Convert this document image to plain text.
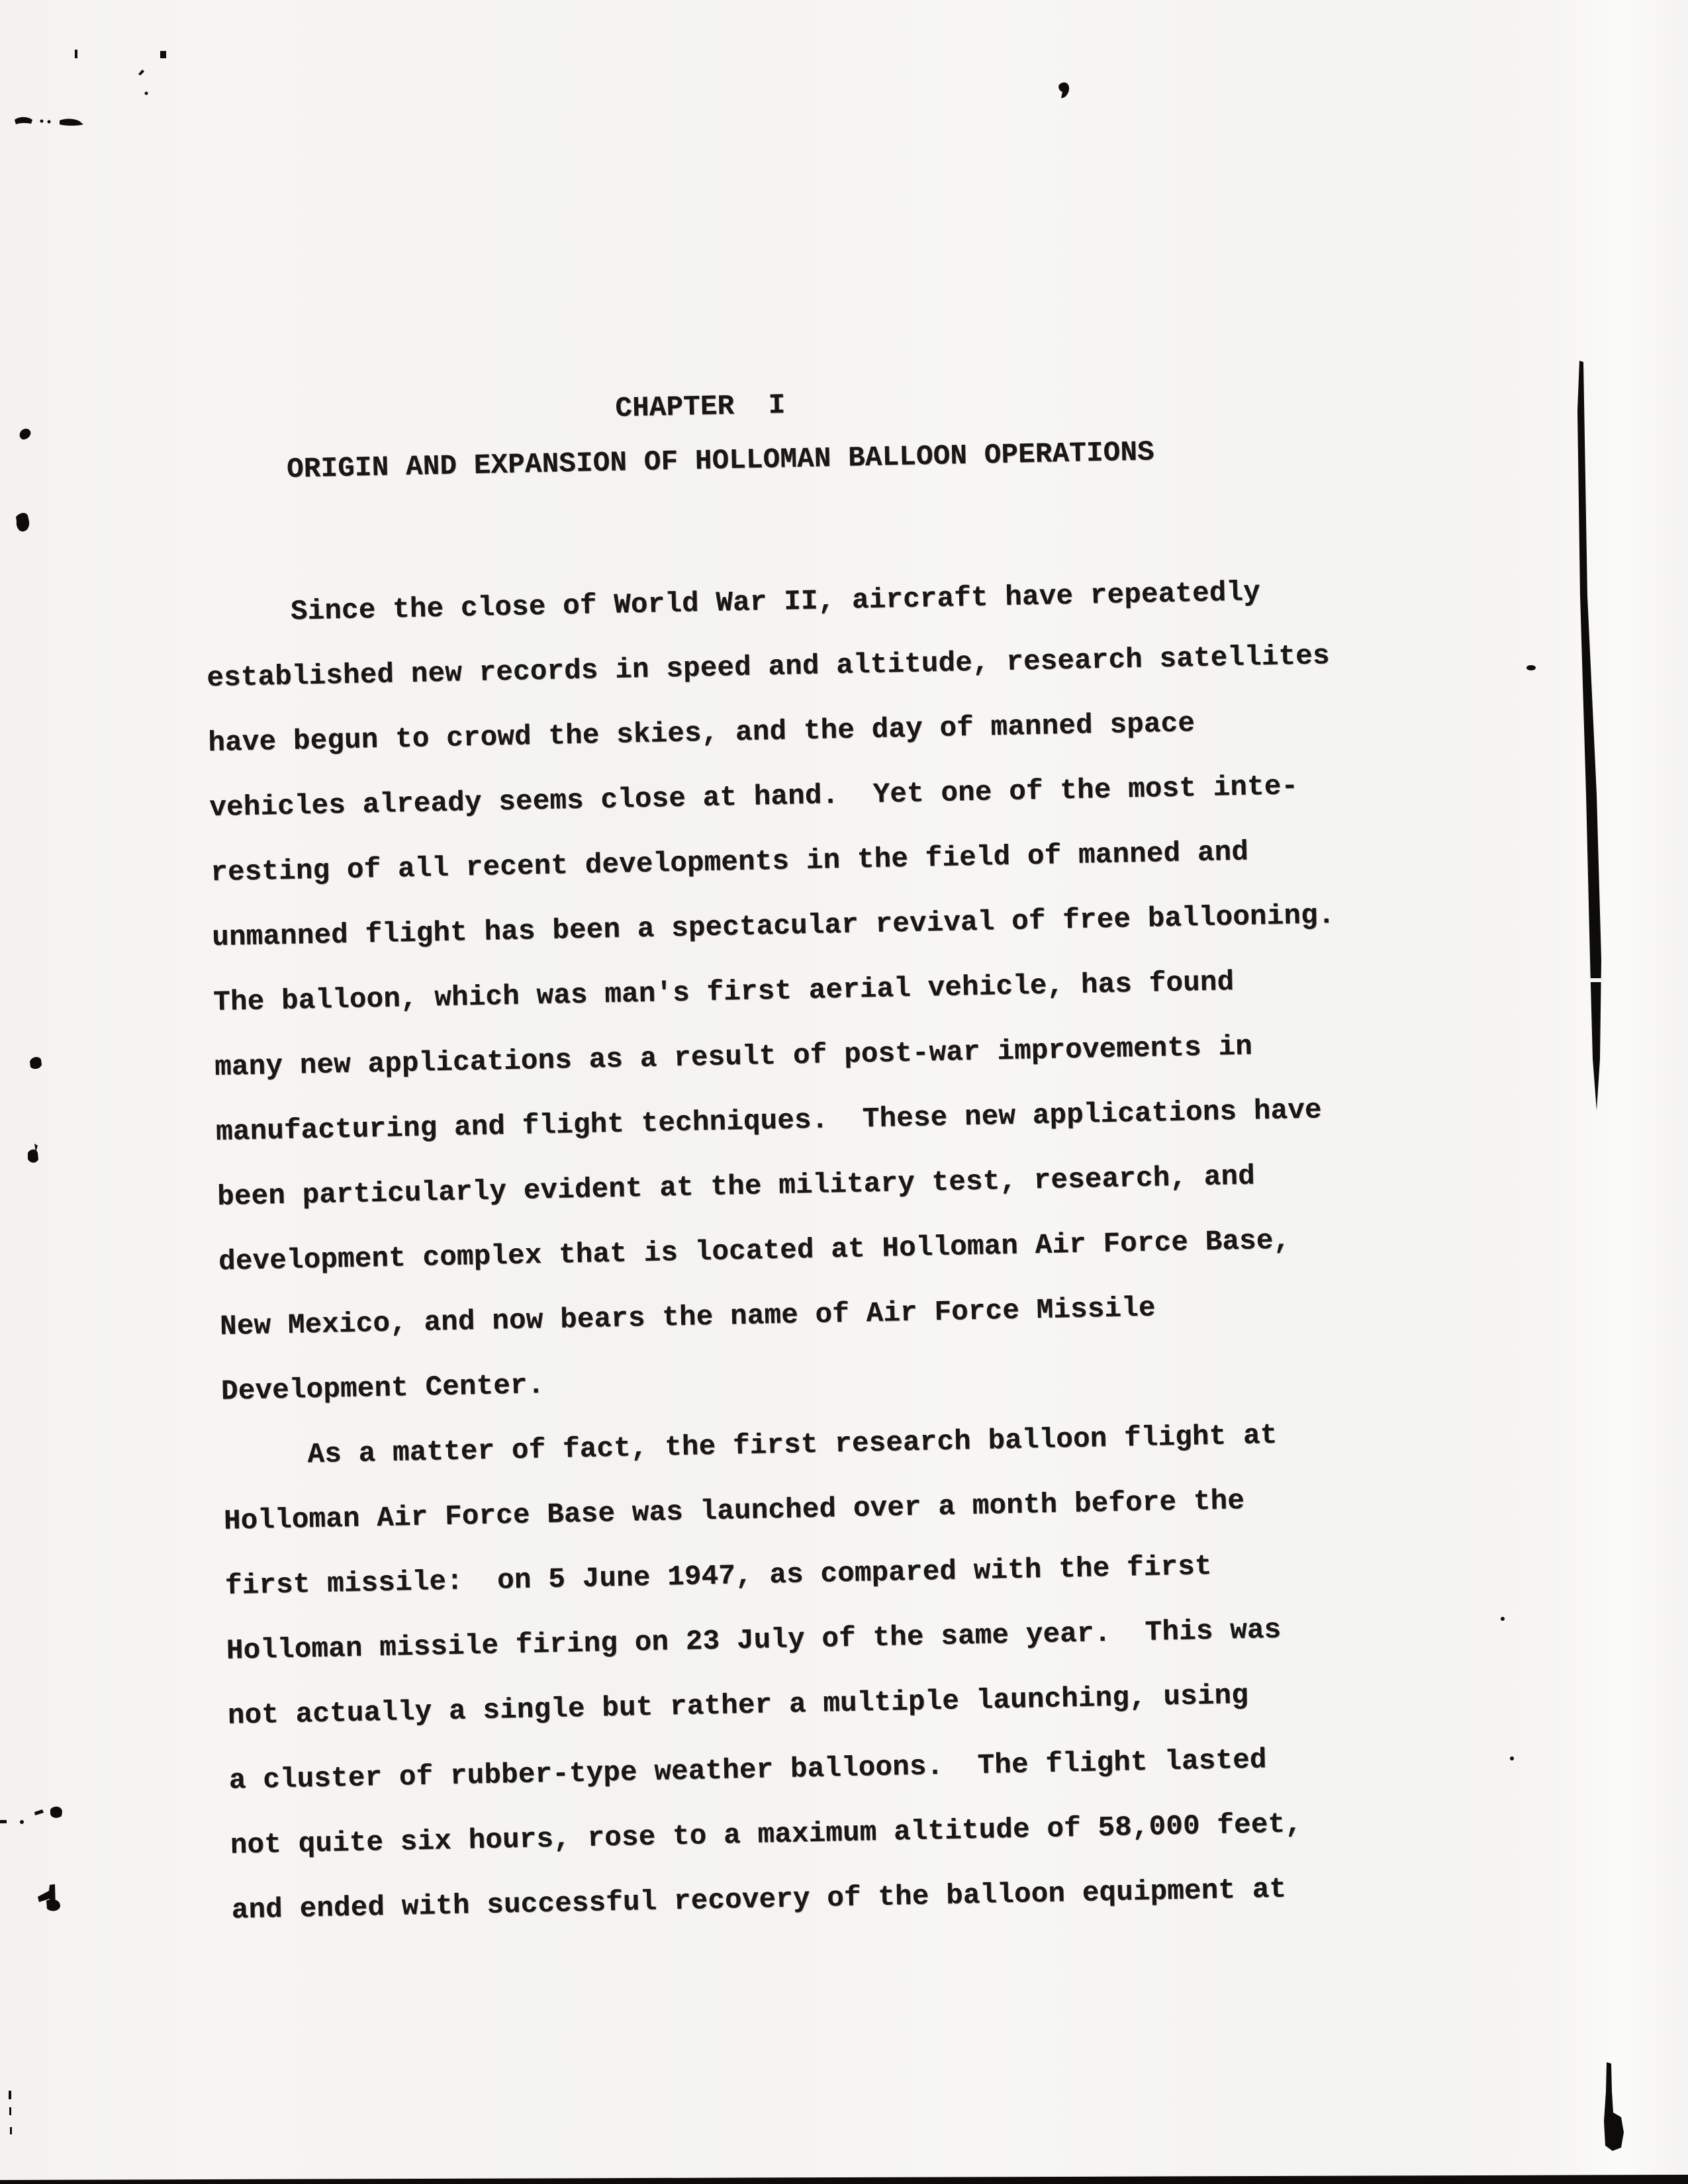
CHAPTER  I
ORIGIN AND EXPANSION OF HOLLOMAN BALLOON OPERATIONS
Since the close of World War II, aircraft have repeatedly
established new records in speed and altitude, research satellites
have begun to crowd the skies, and the day of manned space
vehicles already seems close at hand.  Yet one of the most inte-
resting of all recent developments in the field of manned and
unmanned flight has been a spectacular revival of free ballooning.
The balloon, which was man's first aerial vehicle, has found
many new applications as a result of post-war improvements in
manufacturing and flight techniques.  These new applications have
been particularly evident at the military test, research, and
development complex that is located at Holloman Air Force Base,
New Mexico, and now bears the name of Air Force Missile
Development Center.
As a matter of fact, the first research balloon flight at
Holloman Air Force Base was launched over a month before the
first missile:  on 5 June 1947, as compared with the first
Holloman missile firing on 23 July of the same year.  This was
not actually a single but rather a multiple launching, using
a cluster of rubber-type weather balloons.  The flight lasted
not quite six hours, rose to a maximum altitude of 58,000 feet,
and ended with successful recovery of the balloon equipment at
